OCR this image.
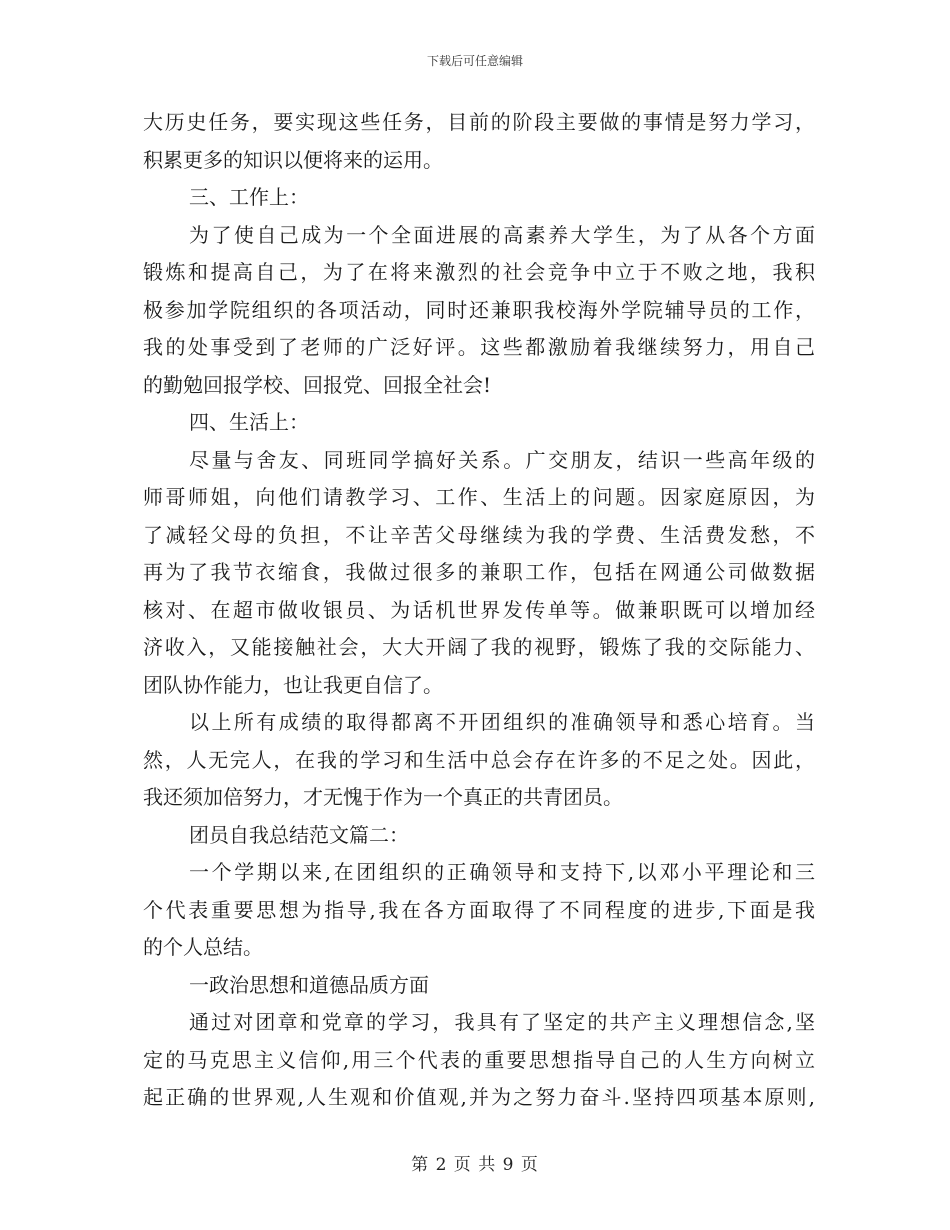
下载后可任意编辑
大历史任务，要实现这些任务，目前的阶段主要做的事情是努力学习，
积累更多的知识以便将来的运用。
三、工作上：
为了使自己成为一个全面进展的高素养大学生，为了从各个方面
锻炼和提高自己，为了在将来激烈的社会竞争中立于不败之地，我积
极参加学院组织的各项活动，同时还兼职我校海外学院辅导员的工作，
我的处事受到了老师的广泛好评。这些都激励着我继续努力，用自己
的勤勉回报学校、回报党、回报全社会!
四、生活上：
尽量与舍友、同班同学搞好关系。广交朋友，结识一些高年级的
师哥师姐，向他们请教学习、工作、生活上的问题。因家庭原因，为
了减轻父母的负担，不让辛苦父母继续为我的学费、生活费发愁，不
再为了我节衣缩食，我做过很多的兼职工作，包括在网通公司做数据
核对、在超市做收银员、为话机世界发传单等。做兼职既可以增加经
济收入，又能接触社会，大大开阔了我的视野，锻炼了我的交际能力、
团队协作能力，也让我更自信了。
以上所有成绩的取得都离不开团组织的准确领导和悉心培育。当
然，人无完人，在我的学习和生活中总会存在许多的不足之处。因此，
我还须加倍努力，才无愧于作为一个真正的共青团员。
团员自我总结范文篇二：
一个学期以来,在团组织的正确领导和支持下,以邓小平理论和三
个代表重要思想为指导,我在各方面取得了不同程度的进步,下面是我
的个人总结。
一政治思想和道德品质方面
通过对团章和党章的学习，我具有了坚定的共产主义理想信念,坚
定的马克思主义信仰,用三个代表的重要思想指导自己的人生方向树立
起正确的世界观,人生观和价值观,并为之努力奋斗.坚持四项基本原则,
第 2 页 共 9 页
